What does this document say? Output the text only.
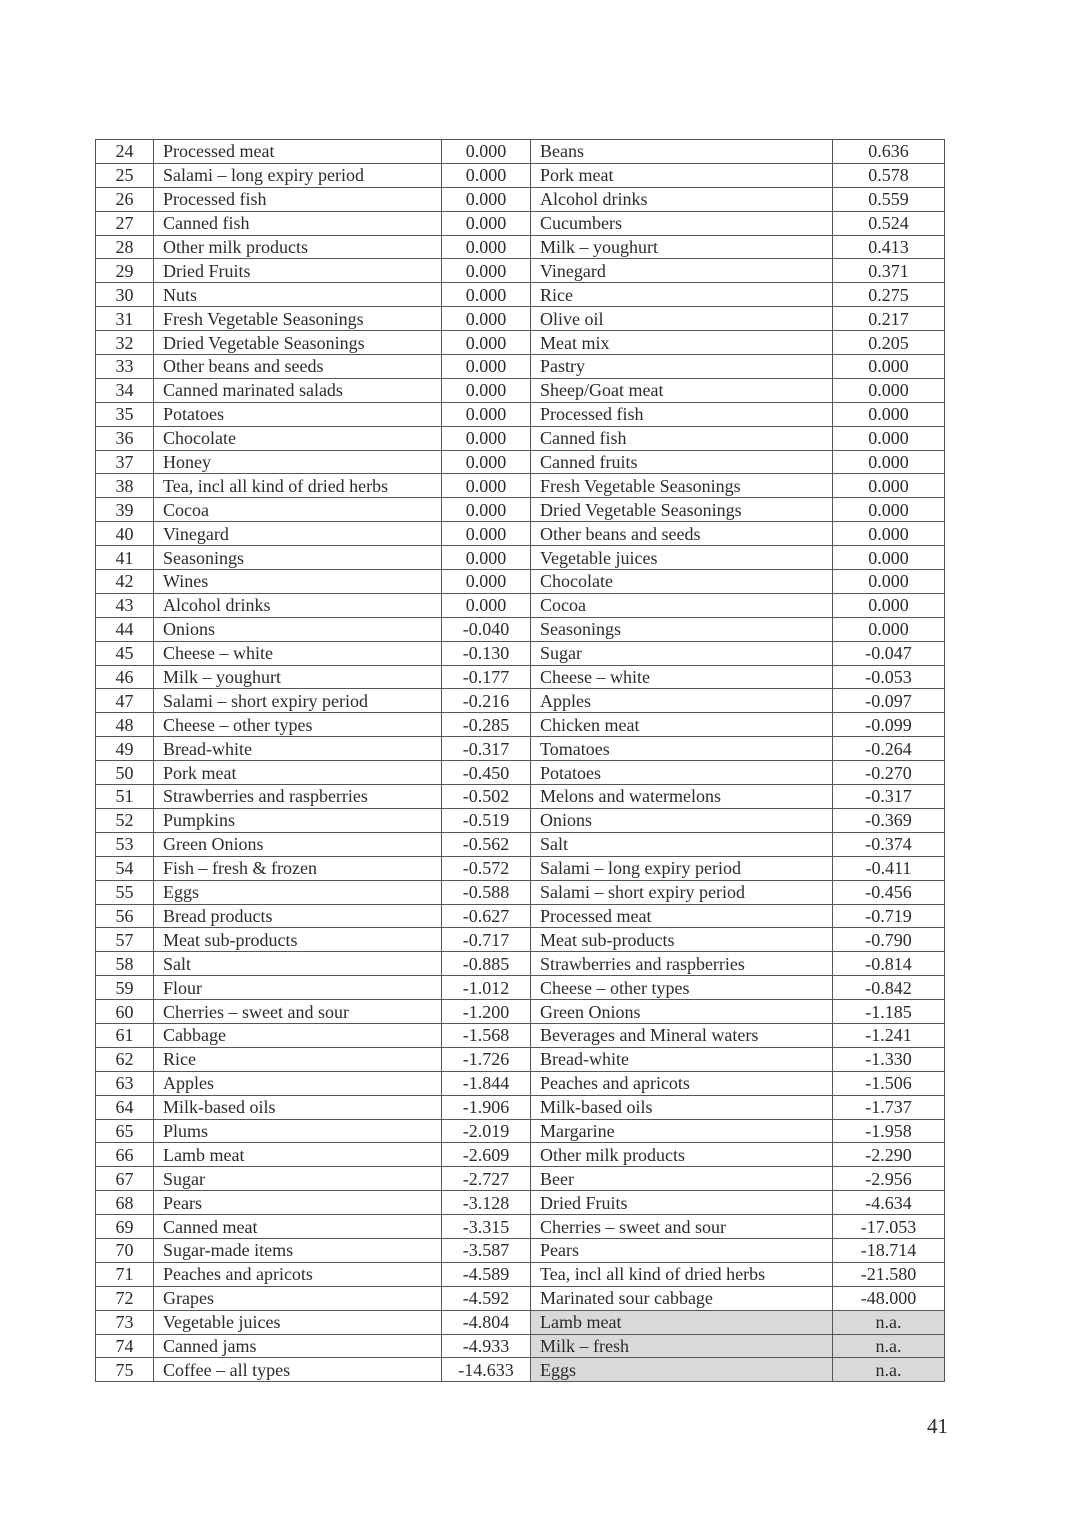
24	Processed meat	0.000	Beans	0.636
25	Salami – long expiry period	0.000	Pork meat	0.578
26	Processed fish	0.000	Alcohol drinks	0.559
27	Canned fish	0.000	Cucumbers	0.524
28	Other milk products	0.000	Milk – youghurt	0.413
29	Dried Fruits	0.000	Vinegard	0.371
30	Nuts	0.000	Rice	0.275
31	Fresh Vegetable Seasonings	0.000	Olive oil	0.217
32	Dried Vegetable Seasonings	0.000	Meat mix	0.205
33	Other beans and seeds	0.000	Pastry	0.000
34	Canned marinated salads	0.000	Sheep/Goat meat	0.000
35	Potatoes	0.000	Processed fish	0.000
36	Chocolate	0.000	Canned fish	0.000
37	Honey	0.000	Canned fruits	0.000
38	Tea, incl all kind of dried herbs	0.000	Fresh Vegetable Seasonings	0.000
39	Cocoa	0.000	Dried Vegetable Seasonings	0.000
40	Vinegard	0.000	Other beans and seeds	0.000
41	Seasonings	0.000	Vegetable juices	0.000
42	Wines	0.000	Chocolate	0.000
43	Alcohol drinks	0.000	Cocoa	0.000
44	Onions	-0.040	Seasonings	0.000
45	Cheese – white	-0.130	Sugar	-0.047
46	Milk – youghurt	-0.177	Cheese – white	-0.053
47	Salami – short expiry period	-0.216	Apples	-0.097
48	Cheese – other types	-0.285	Chicken meat	-0.099
49	Bread-white	-0.317	Tomatoes	-0.264
50	Pork meat	-0.450	Potatoes	-0.270
51	Strawberries and raspberries	-0.502	Melons and watermelons	-0.317
52	Pumpkins	-0.519	Onions	-0.369
53	Green Onions	-0.562	Salt	-0.374
54	Fish – fresh & frozen	-0.572	Salami – long expiry period	-0.411
55	Eggs	-0.588	Salami – short expiry period	-0.456
56	Bread products	-0.627	Processed meat	-0.719
57	Meat sub-products	-0.717	Meat sub-products	-0.790
58	Salt	-0.885	Strawberries and raspberries	-0.814
59	Flour	-1.012	Cheese – other types	-0.842
60	Cherries – sweet and sour	-1.200	Green Onions	-1.185
61	Cabbage	-1.568	Beverages and Mineral waters	-1.241
62	Rice	-1.726	Bread-white	-1.330
63	Apples	-1.844	Peaches and apricots	-1.506
64	Milk-based oils	-1.906	Milk-based oils	-1.737
65	Plums	-2.019	Margarine	-1.958
66	Lamb meat	-2.609	Other milk products	-2.290
67	Sugar	-2.727	Beer	-2.956
68	Pears	-3.128	Dried Fruits	-4.634
69	Canned meat	-3.315	Cherries – sweet and sour	-17.053
70	Sugar-made items	-3.587	Pears	-18.714
71	Peaches and apricots	-4.589	Tea, incl all kind of dried herbs	-21.580
72	Grapes	-4.592	Marinated sour cabbage	-48.000
73	Vegetable juices	-4.804	Lamb meat	n.a.
74	Canned jams	-4.933	Milk – fresh	n.a.
75	Coffee – all types	-14.633	Eggs	n.a.
41
